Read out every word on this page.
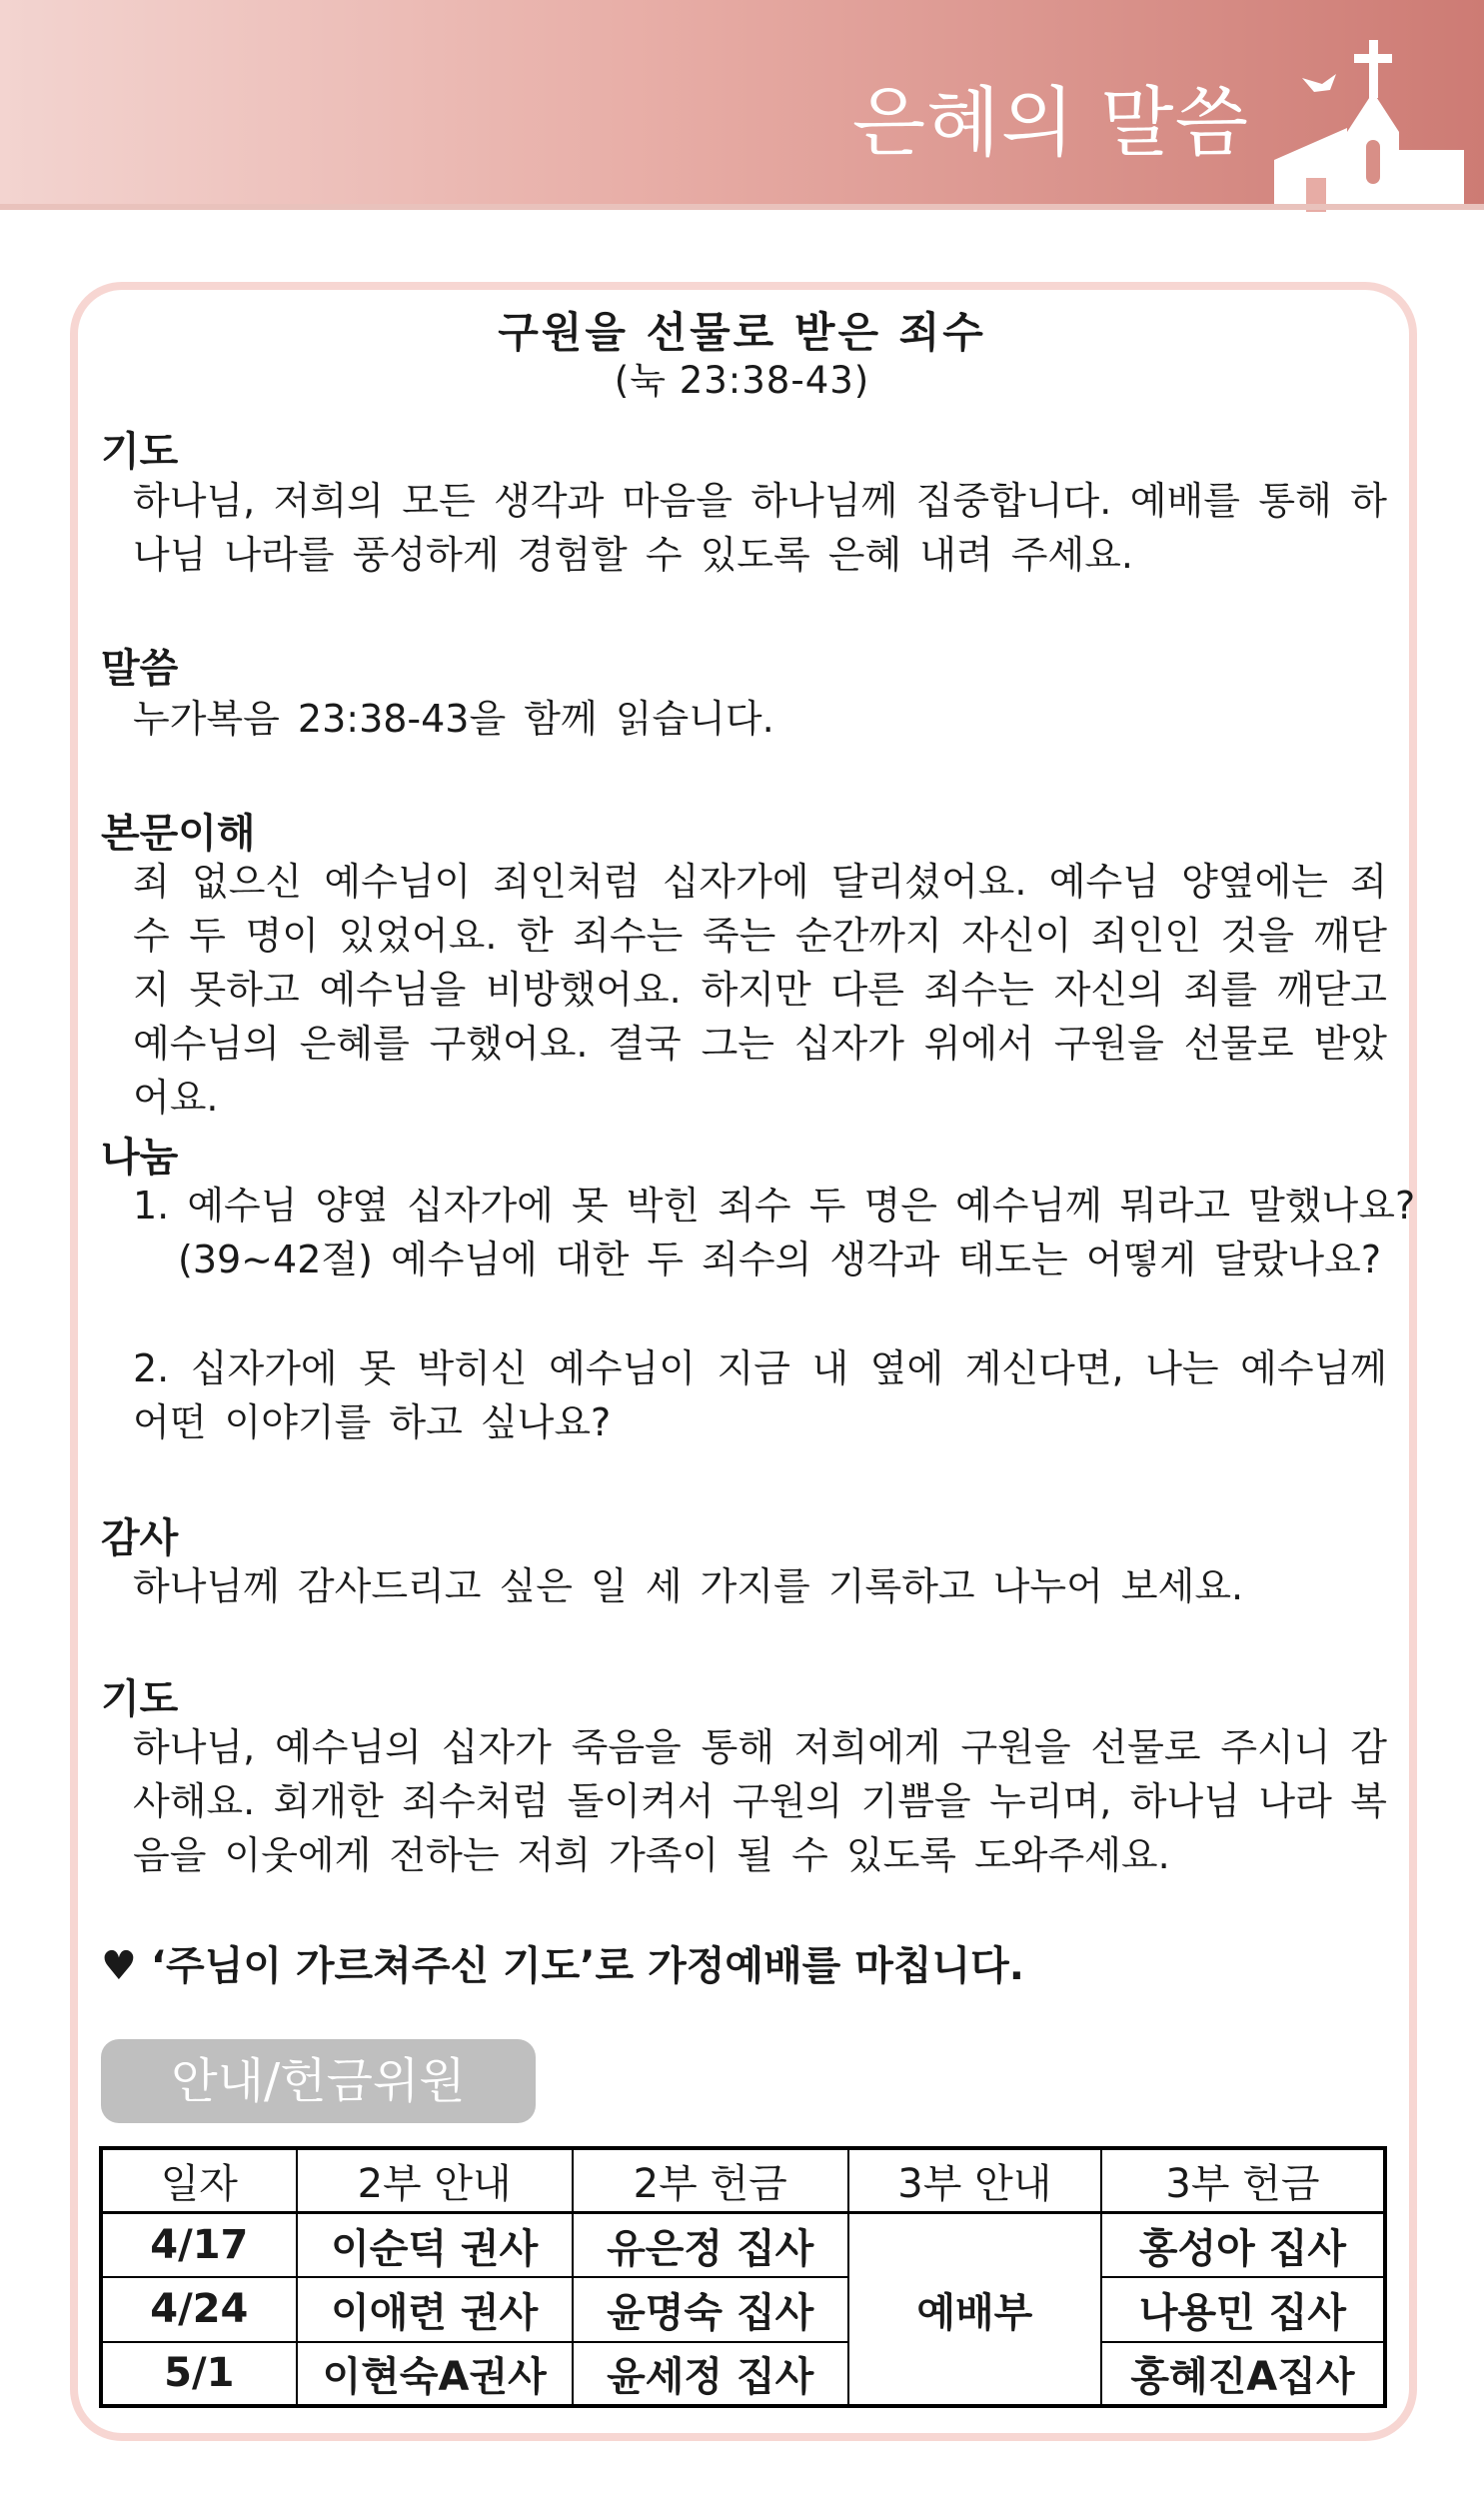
은혜의 말씀
구원을 선물로 받은 죄수
(눅 23:38-43)
기도
하나님, 저희의 모든 생각과 마음을 하나님께 집중합니다. 예배를 통해 하나님 나라를 풍성하게 경험할 수 있도록 은혜 내려 주세요.
말씀
누가복음 23:38-43을 함께 읽습니다.
본문이해
죄 없으신 예수님이 죄인처럼 십자가에 달리셨어요. 예수님 양옆에는 죄수 두 명이 있었어요. 한 죄수는 죽는 순간까지 자신이 죄인인 것을 깨닫지 못하고 예수님을 비방했어요. 하지만 다른 죄수는 자신의 죄를 깨닫고 예수님의 은혜를 구했어요. 결국 그는 십자가 위에서 구원을 선물로 받았어요.
나눔
1. 예수님 양옆 십자가에 못 박힌 죄수 두 명은 예수님께 뭐라고 말했나요?
(39~42절) 예수님에 대한 두 죄수의 생각과 태도는 어떻게 달랐나요?
2. 십자가에 못 박히신 예수님이 지금 내 옆에 계신다면, 나는 예수님께 어떤 이야기를 하고 싶나요?
감사
하나님께 감사드리고 싶은 일 세 가지를 기록하고 나누어 보세요.
기도
하나님, 예수님의 십자가 죽음을 통해 저희에게 구원을 선물로 주시니 감사해요. 회개한 죄수처럼 돌이켜서 구원의 기쁨을 누리며, 하나님 나라 복음을 이웃에게 전하는 저희 가족이 될 수 있도록 도와주세요.
♥ ‘주님이 가르쳐주신 기도’로 가정예배를 마칩니다.
안내/헌금위원
일자	2부 안내	2부 헌금	3부 안내	3부 헌금
4/17	이순덕 권사	유은정 집사	예배부	홍성아 집사
4/24	이애련 권사	윤명숙 집사		나용민 집사
5/1	이현숙A권사	윤세정 집사		홍혜진A집사
